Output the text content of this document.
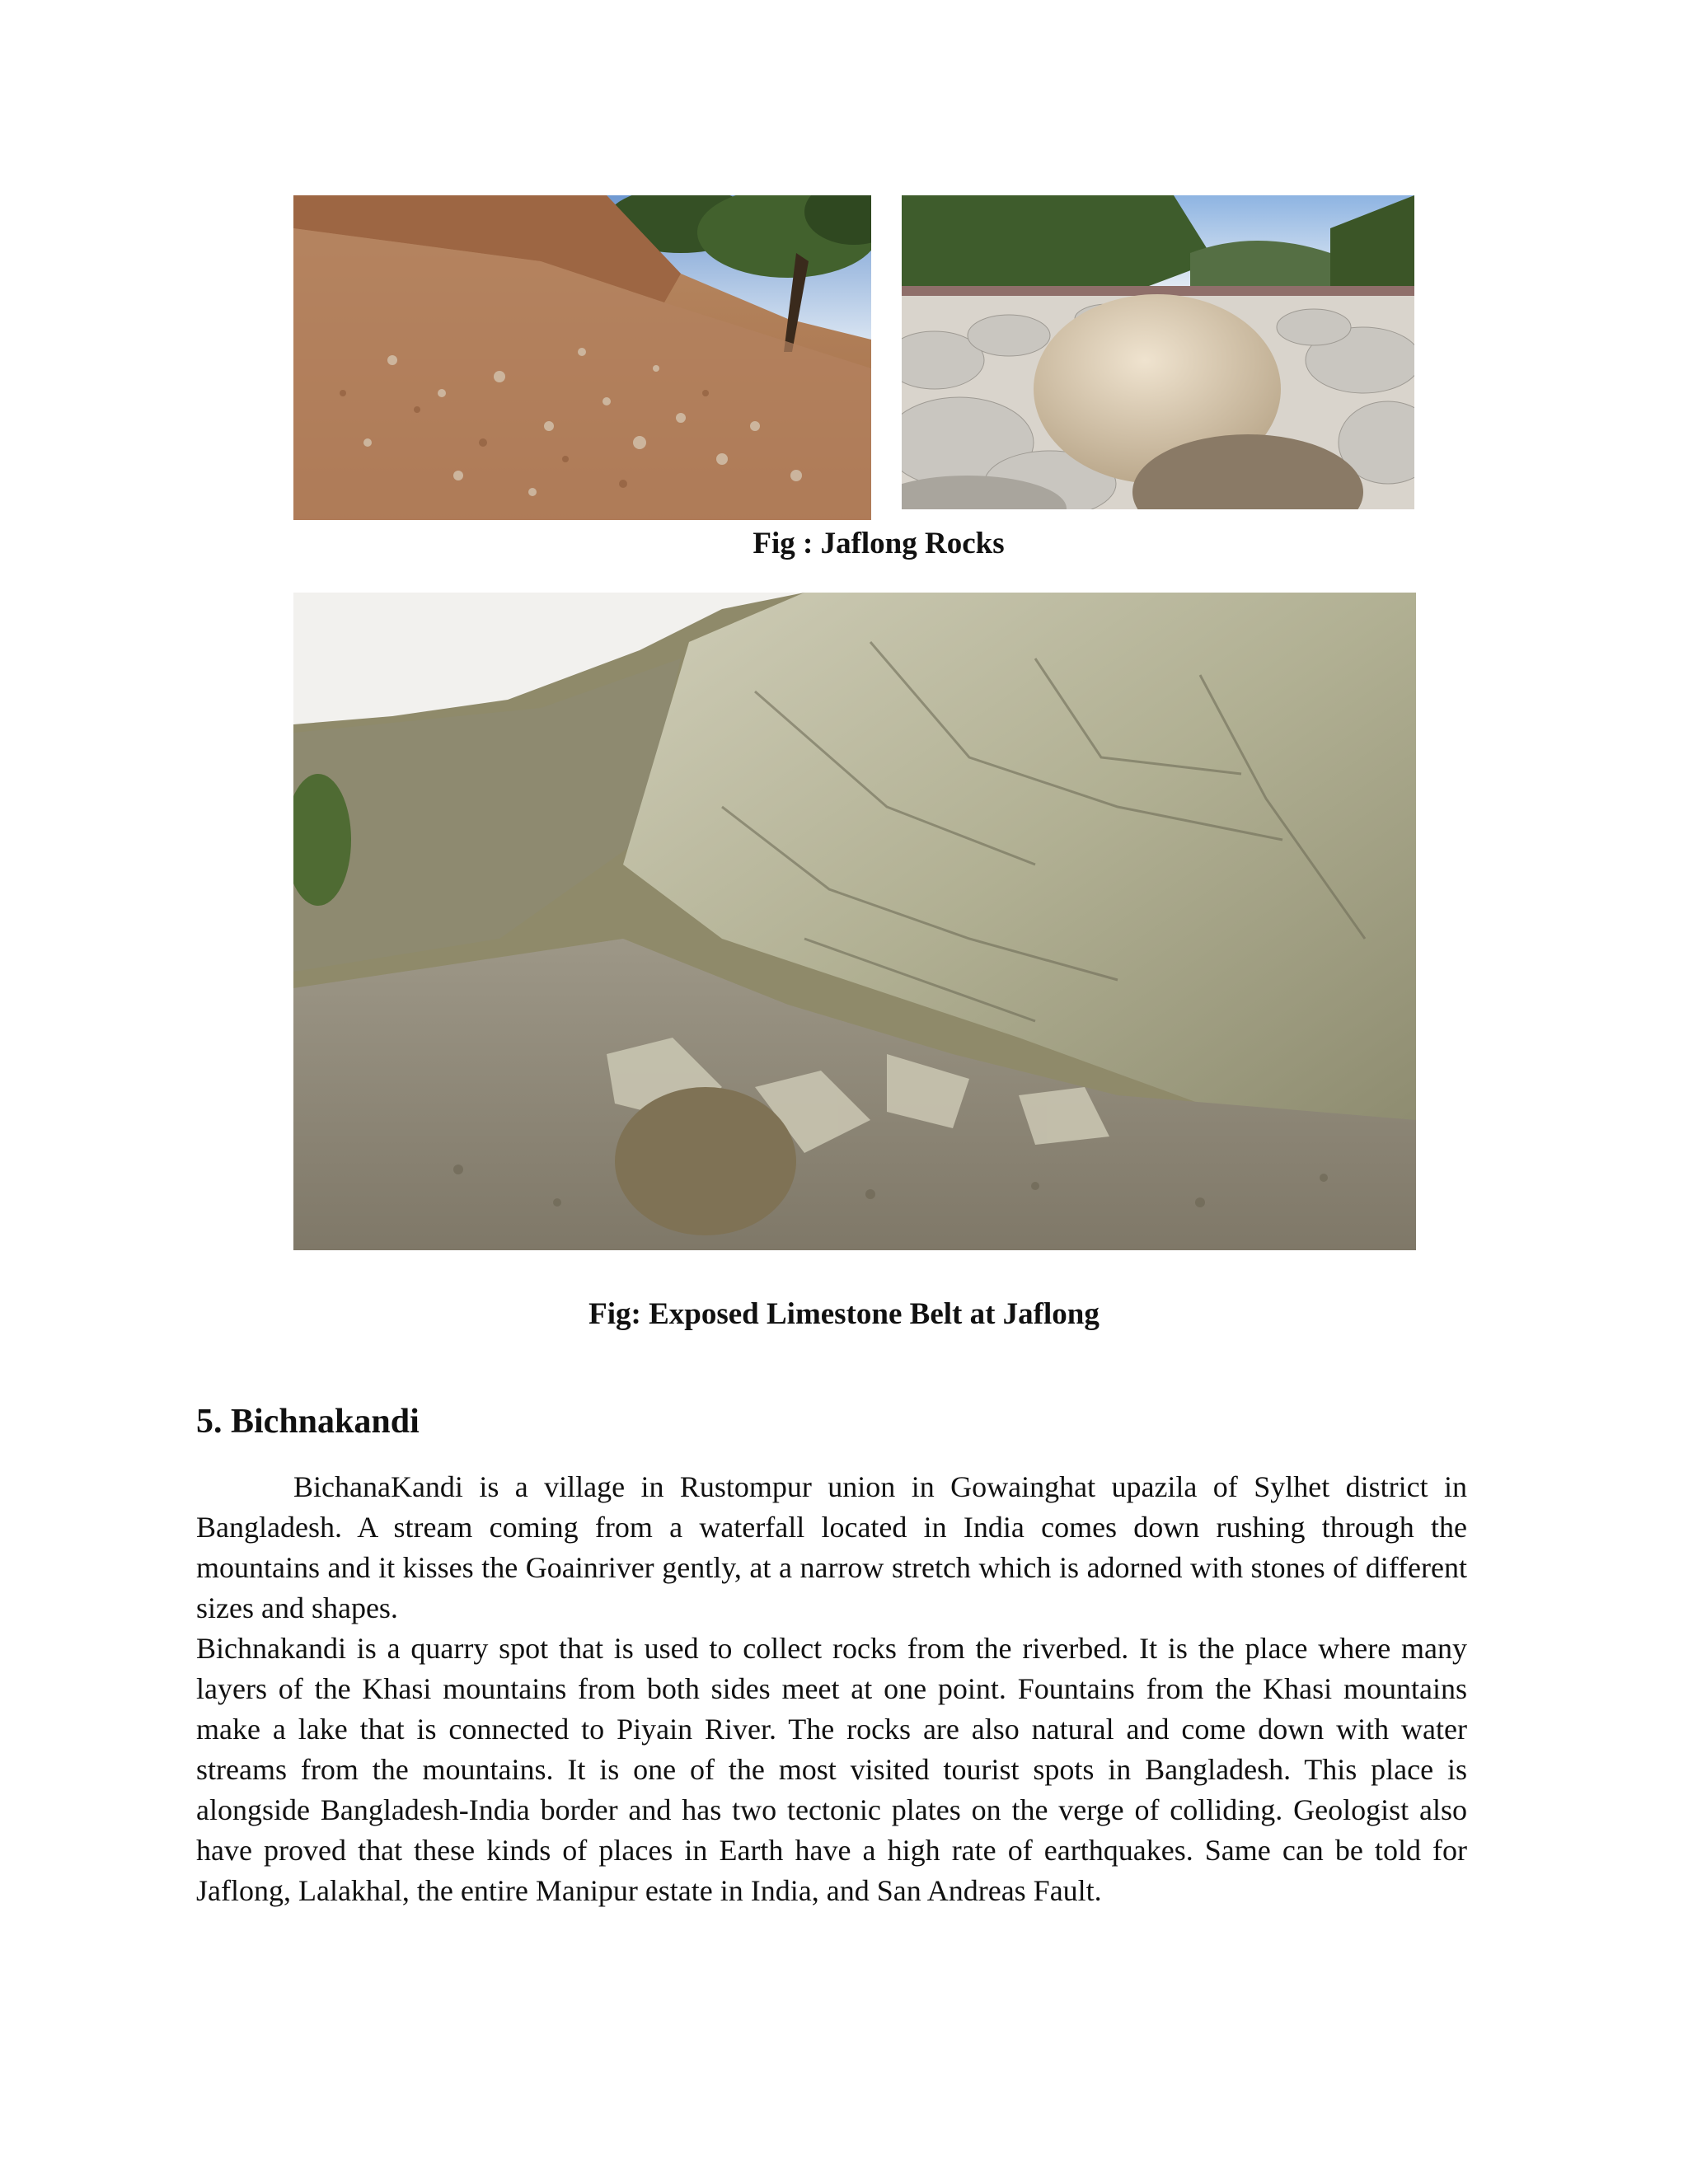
Fig : Jaflong Rocks
Fig: Exposed Limestone Belt at Jaflong
5. Bichnakandi

BichanaKandi is a village in Rustompur union in Gowainghat upazila of Sylhet district in Bangladesh. A stream coming from a waterfall located in India comes down rushing through the mountains and it kisses the Goainriver gently, at a narrow stretch which is adorned with stones of different sizes and shapes.

Bichnakandi is a quarry spot that is used to collect rocks from the riverbed. It is the place where many layers of the Khasi mountains from both sides meet at one point. Fountains from the Khasi mountains make a lake that is connected to Piyain River. The rocks are also natural and come down with water streams from the mountains. It is one of the most visited tourist spots in Bangladesh. This place is alongside Bangladesh-India border and has two tectonic plates on the verge of colliding. Geologist also have proved that these kinds of places in Earth have a high rate of earthquakes. Same can be told for Jaflong, Lalakhal, the entire Manipur estate in India, and San Andreas Fault.
